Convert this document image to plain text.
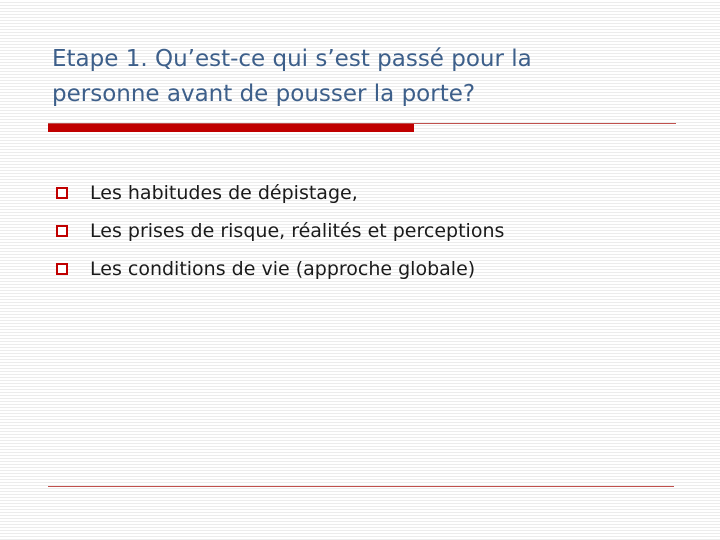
Etape 1. Qu’est-ce qui s’est passé pour la
personne avant de pousser la porte?
Les habitudes de dépistage,
Les prises de risque, réalités et perceptions
Les conditions de vie (approche globale)
